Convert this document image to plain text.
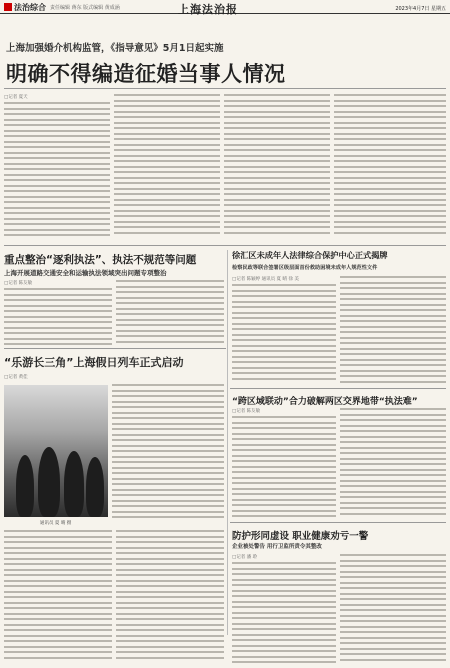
法治综合 责任编辑 蒋东 版式编辑 黄成涵	上海法治报	2023年4月7日 星期五
上海加强婚介机构监管，《指导意见》5月1日起实施
明确不得编造征婚当事人情况
□记者 夏天
重点整治“逐利执法”、执法不规范等问题
上海开展道路交通安全和运输执法领域突出问题专项整治
□记者 陈友敏
徐汇区未成年人法律综合保护中心正式揭牌
检察民政等联合签署区级层面首份救助困境未成年人规范性文件
□记者 陈颖婷 通讯员 夏 晴 徐 美
“乐游长三角”上海假日列车正式启动
□记者 黄佳
通讯员 夏 晴 摄
“跨区域联动”合力破解两区交界地带“执法难”
□记者 陈友敏
防护形同虚设 职业健康劝亏一警
企业被处警告 用行卫监所责令其整改
□记者 潘 聆
